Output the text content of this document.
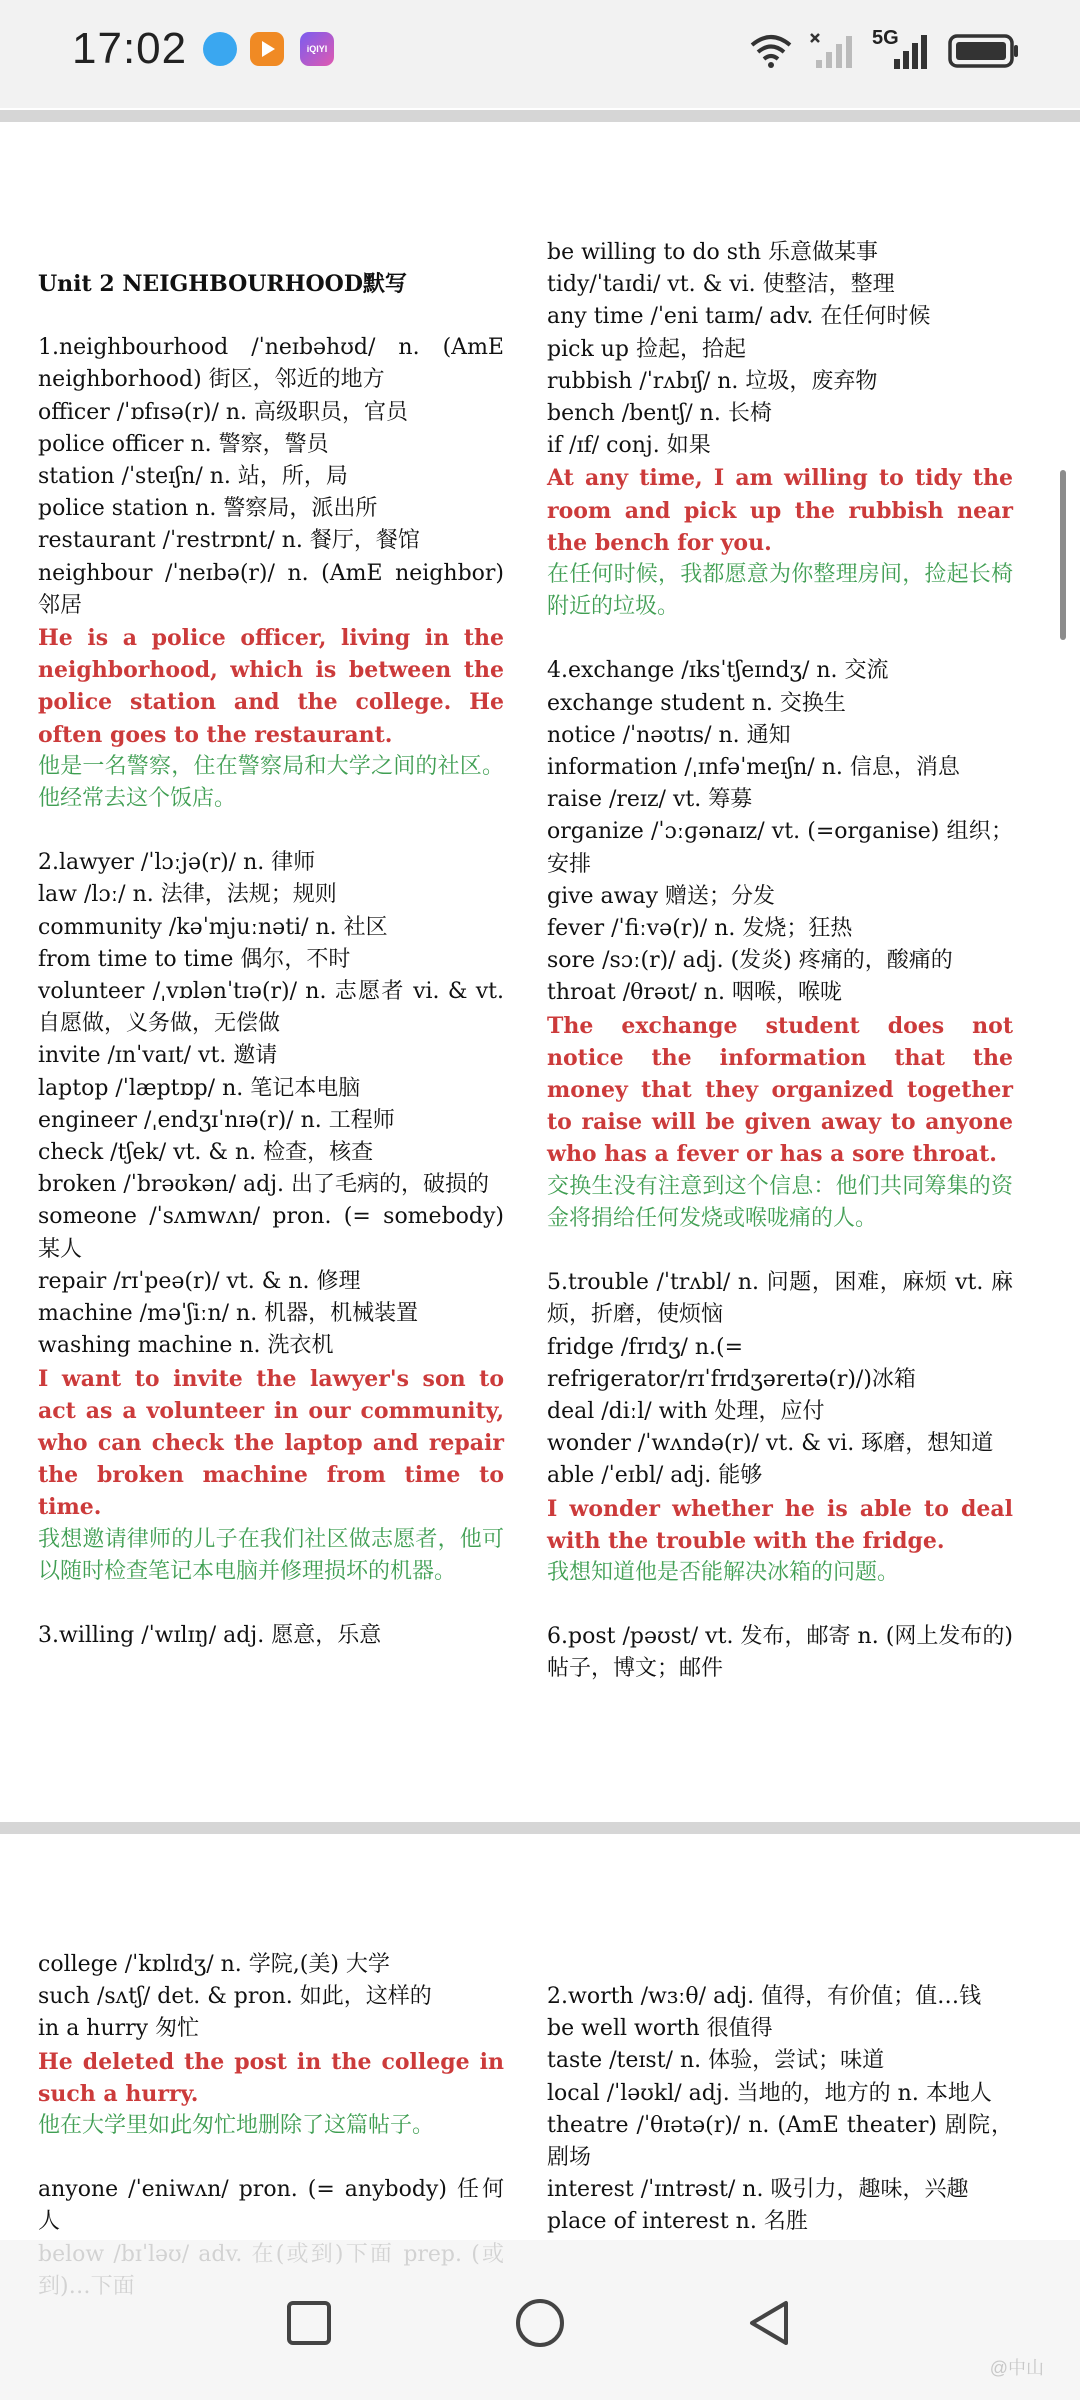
17:02	iQIYI	5G

Unit 2 NEIGHBOURHOOD默写

1.neighbourhood /ˈneɪbəhʊd/ n. (AmE neighborhood) 街区，邻近的地方

officer /ˈɒfɪsə(r)/ n. 高级职员，官员

police officer n. 警察，警员

station /ˈsteɪʃn/ n. 站，所，局

police station n. 警察局，派出所

restaurant /ˈrestrɒnt/ n. 餐厅，餐馆

neighbour /ˈneɪbə(r)/ n. (AmE neighbor) 邻居

He is a police officer, living in the neighborhood, which is between the police station and the college. He often goes to the restaurant.

他是一名警察，住在警察局和大学之间的社区。他经常去这个饭店。

2.lawyer /ˈlɔːjə(r)/ n. 律师

law /lɔː/ n. 法律，法规；规则

community /kəˈmjuːnəti/ n. 社区

from time to time 偶尔，不时

volunteer /ˌvɒlənˈtɪə(r)/ n. 志愿者 vi. & vt. 自愿做，义务做，无偿做

invite /ɪnˈvaɪt/ vt. 邀请

laptop /ˈlæptɒp/ n. 笔记本电脑

engineer /ˌendʒɪˈnɪə(r)/ n. 工程师

check /tʃek/ vt. & n. 检查，核查

broken /ˈbrəʊkən/ adj. 出了毛病的，破损的

someone /ˈsʌmwʌn/ pron. (= somebody) 某人

repair /rɪˈpeə(r)/ vt. & n. 修理

machine /məˈʃiːn/ n. 机器，机械装置

washing machine n. 洗衣机

I want to invite the lawyer's son to act as a volunteer in our community, who can check the laptop and repair the broken machine from time to time.

我想邀请律师的儿子在我们社区做志愿者，他可以随时检查笔记本电脑并修理损坏的机器。

3.willing /ˈwɪlɪŋ/ adj. 愿意，乐意

be willing to do sth 乐意做某事

tidy/ˈtaɪdi/ vt. & vi. 使整洁，整理

any time /ˈeni taɪm/ adv. 在任何时候

pick up 捡起，拾起

rubbish /ˈrʌbɪʃ/ n. 垃圾，废弃物

bench /bentʃ/ n. 长椅

if /ɪf/ conj. 如果

At any time, I am willing to tidy the room and pick up the rubbish near the bench for you.

在任何时候，我都愿意为你整理房间，捡起长椅附近的垃圾。

4.exchange /ɪksˈtʃeɪndʒ/ n. 交流

exchange student n. 交换生

notice /ˈnəʊtɪs/ n. 通知

information /ˌɪnfəˈmeɪʃn/ n. 信息，消息

raise /reɪz/ vt. 筹募

organize /ˈɔːɡənaɪz/ vt. (=organise) 组织；安排

give away 赠送；分发

fever /ˈfiːvə(r)/ n. 发烧；狂热

sore /sɔː(r)/ adj. (发炎) 疼痛的，酸痛的

throat /θrəʊt/ n. 咽喉，喉咙

The exchange student does not notice the information that the money that they organized together to raise will be given away to anyone who has a fever or has a sore throat.

交换生没有注意到这个信息：他们共同筹集的资金将捐给任何发烧或喉咙痛的人。

5.trouble /ˈtrʌbl/ n. 问题，困难，麻烦 vt. 麻烦，折磨，使烦恼

fridge /frɪdʒ/ n.(=

refrigerator/rɪˈfrɪdʒəreɪtə(r)/)冰箱

deal /diːl/ with 处理，应付

wonder /ˈwʌndə(r)/ vt. & vi. 琢磨，想知道

able /ˈeɪbl/ adj. 能够

I wonder whether he is able to deal with the trouble with the fridge.

我想知道他是否能解决冰箱的问题。

6.post /pəʊst/ vt. 发布，邮寄 n. (网上发布的) 帖子，博文；邮件

college /ˈkɒlɪdʒ/ n. 学院,(美) 大学

such /sʌtʃ/ det. & pron. 如此，这样的

in a hurry 匆忙

He deleted the post in the college in such a hurry.

他在大学里如此匆忙地删除了这篇帖子。

anyone /ˈeniwʌn/ pron. (= anybody) 任何人

2.worth /wɜːθ/ adj. 值得，有价值；值…钱

be well worth 很值得

taste /teɪst/ n. 体验，尝试；味道

local /ˈləʊkl/ adj. 当地的，地方的 n. 本地人

theatre /ˈθɪətə(r)/ n. (AmE theater) 剧院，剧场

interest /ˈɪntrəst/ n. 吸引力，趣味，兴趣

place of interest n. 名胜

@中山
